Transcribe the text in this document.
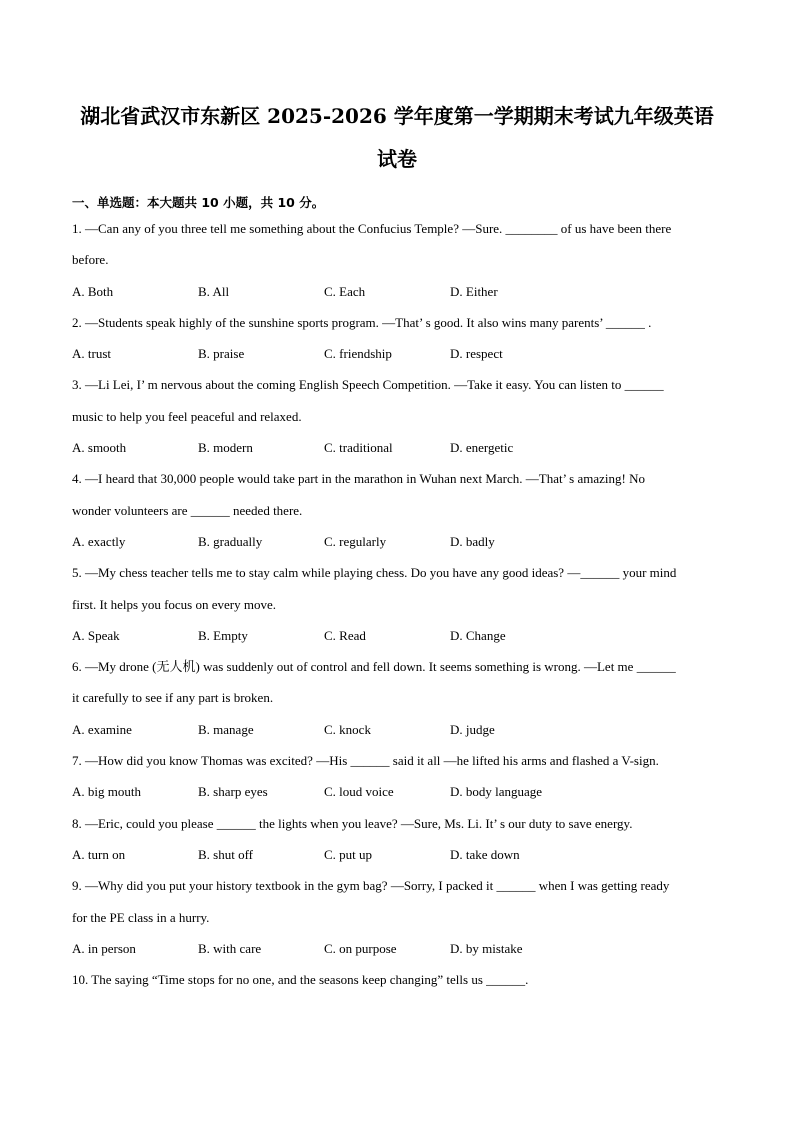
湖北省武汉市东新区 2025-2026 学年度第一学期期末考试九年级英语
试卷
一、单选题：本大题共 10 小题，共 10 分。
1. —Can any of you three tell me something about the Confucius Temple? —Sure. ________ of us have been there
before.
A. Both	B. All	C. Each	D. Either
2. —Students speak highly of the sunshine sports program. —That’ s good. It also wins many parents’ ______ .
A. trust	B. praise	C. friendship	D. respect
3. —Li Lei, I’ m nervous about the coming English Speech Competition. —Take it easy. You can listen to ______
music to help you feel peaceful and relaxed.
A. smooth	B. modern	C. traditional	D. energetic
4. —I heard that 30,000 people would take part in the marathon in Wuhan next March. —That’ s amazing! No
wonder volunteers are ______ needed there.
A. exactly	B. gradually	C. regularly	D. badly
5. —My chess teacher tells me to stay calm while playing chess. Do you have any good ideas? —______ your mind
first. It helps you focus on every move.
A. Speak	B. Empty	C. Read	D. Change
6. —My drone (无人机) was suddenly out of control and fell down. It seems something is wrong. —Let me ______
it carefully to see if any part is broken.
A. examine	B. manage	C. knock	D. judge
7. —How did you know Thomas was excited? —His ______ said it all —he lifted his arms and flashed a V-sign.
A. big mouth	B. sharp eyes	C. loud voice	D. body language
8. —Eric, could you please ______ the lights when you leave? —Sure, Ms. Li. It’ s our duty to save energy.
A. turn on	B. shut off	C. put up	D. take down
9. —Why did you put your history textbook in the gym bag? —Sorry, I packed it ______ when I was getting ready
for the PE class in a hurry.
A. in person	B. with care	C. on purpose	D. by mistake
10. The saying “Time stops for no one, and the seasons keep changing” tells us ______.
